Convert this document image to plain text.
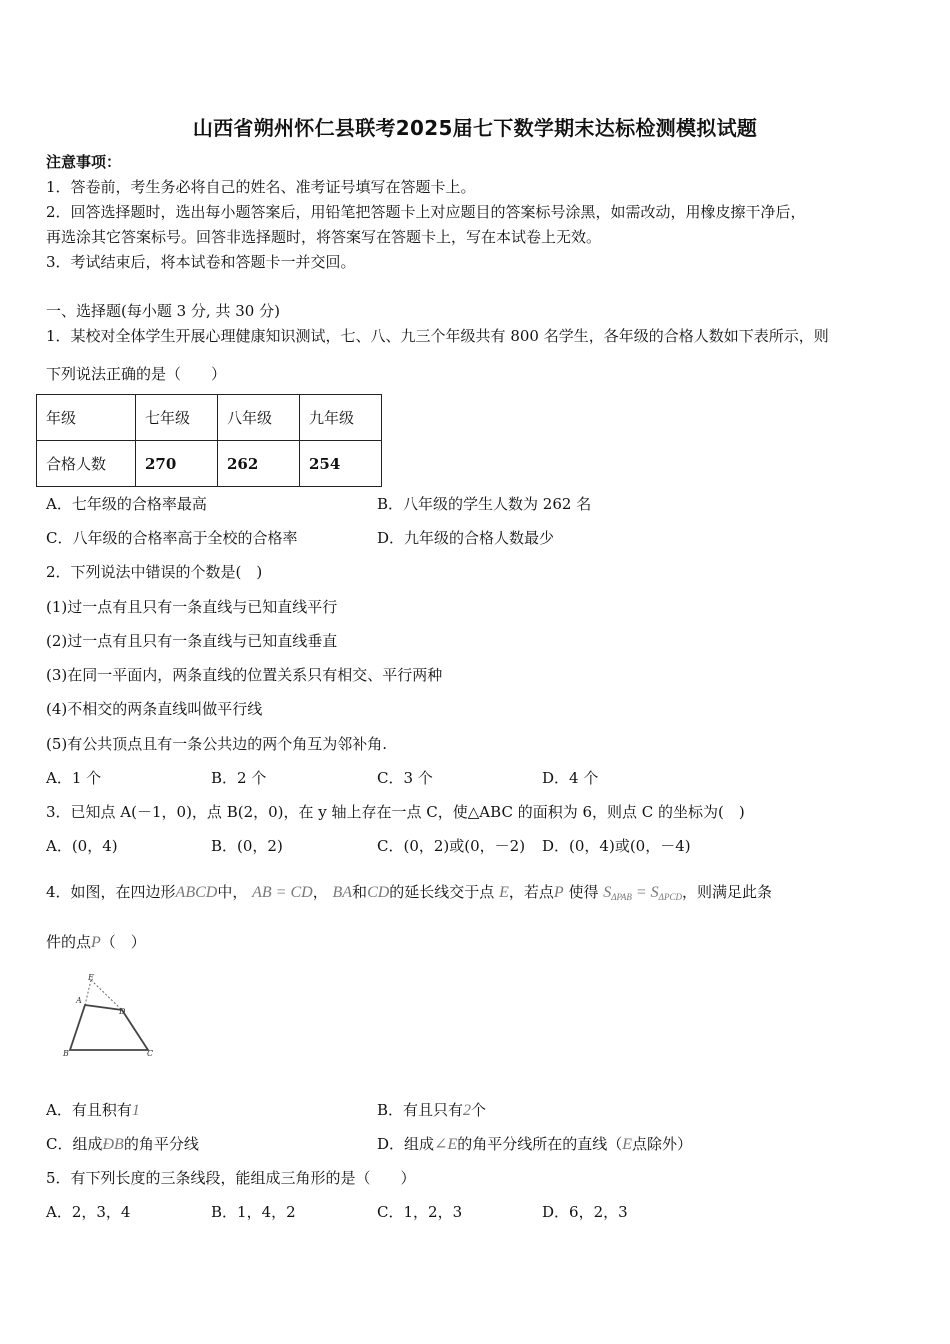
山西省朔州怀仁县联考2025届七下数学期末达标检测模拟试题
注意事项：
1．答卷前，考生务必将自己的姓名、准考证号填写在答题卡上。
2．回答选择题时，选出每小题答案后，用铅笔把答题卡上对应题目的答案标号涂黑，如需改动，用橡皮擦干净后，
再选涂其它答案标号。回答非选择题时，将答案写在答题卡上，写在本试卷上无效。
3．考试结束后，将本试卷和答题卡一并交回。
一、选择题(每小题 3 分, 共 30 分)
1．某校对全体学生开展心理健康知识测试，七、八、九三个年级共有 800 名学生，各年级的合格人数如下表所示，则
下列说法正确的是（　　）
年级	七年级	八年级	九年级
合格人数	270	262	254
A．七年级的合格率最高	B．八年级的学生人数为 262 名
C．八年级的合格率高于全校的合格率	D．九年级的合格人数最少
2．下列说法中错误的个数是(　)
(1)过一点有且只有一条直线与已知直线平行
(2)过一点有且只有一条直线与已知直线垂直
(3)在同一平面内，两条直线的位置关系只有相交、平行两种
(4)不相交的两条直线叫做平行线
(5)有公共顶点且有一条公共边的两个角互为邻补角.
A．1 个	B．2 个	C．3 个	D．4 个
3．已知点 A(－1，0)，点 B(2，0)，在 y 轴上存在一点 C，使△ABC 的面积为 6，则点 C 的坐标为(　)
A．(0，4)	B．(0，2)	C．(0，2)或(0，－2) D．(0，4)或(0，－4)
4．如图，在四边形ABCD中， AB = CD， BA和CD的延长线交于点 E，若点P 使得 $S_{\Delta PAB} = S_{\Delta PCD}$，则满足此条
件的点P（　）
E
A
D
B	C
A．有且积有1	B．有且只有2个
C．组成ÐB的角平分线	D．组成∠E的角平分线所在的直线（E点除外）
5．有下列长度的三条线段，能组成三角形的是（　　）
A．2，3，4	B．1，4，2	C．1，2，3	D．6，2，3
